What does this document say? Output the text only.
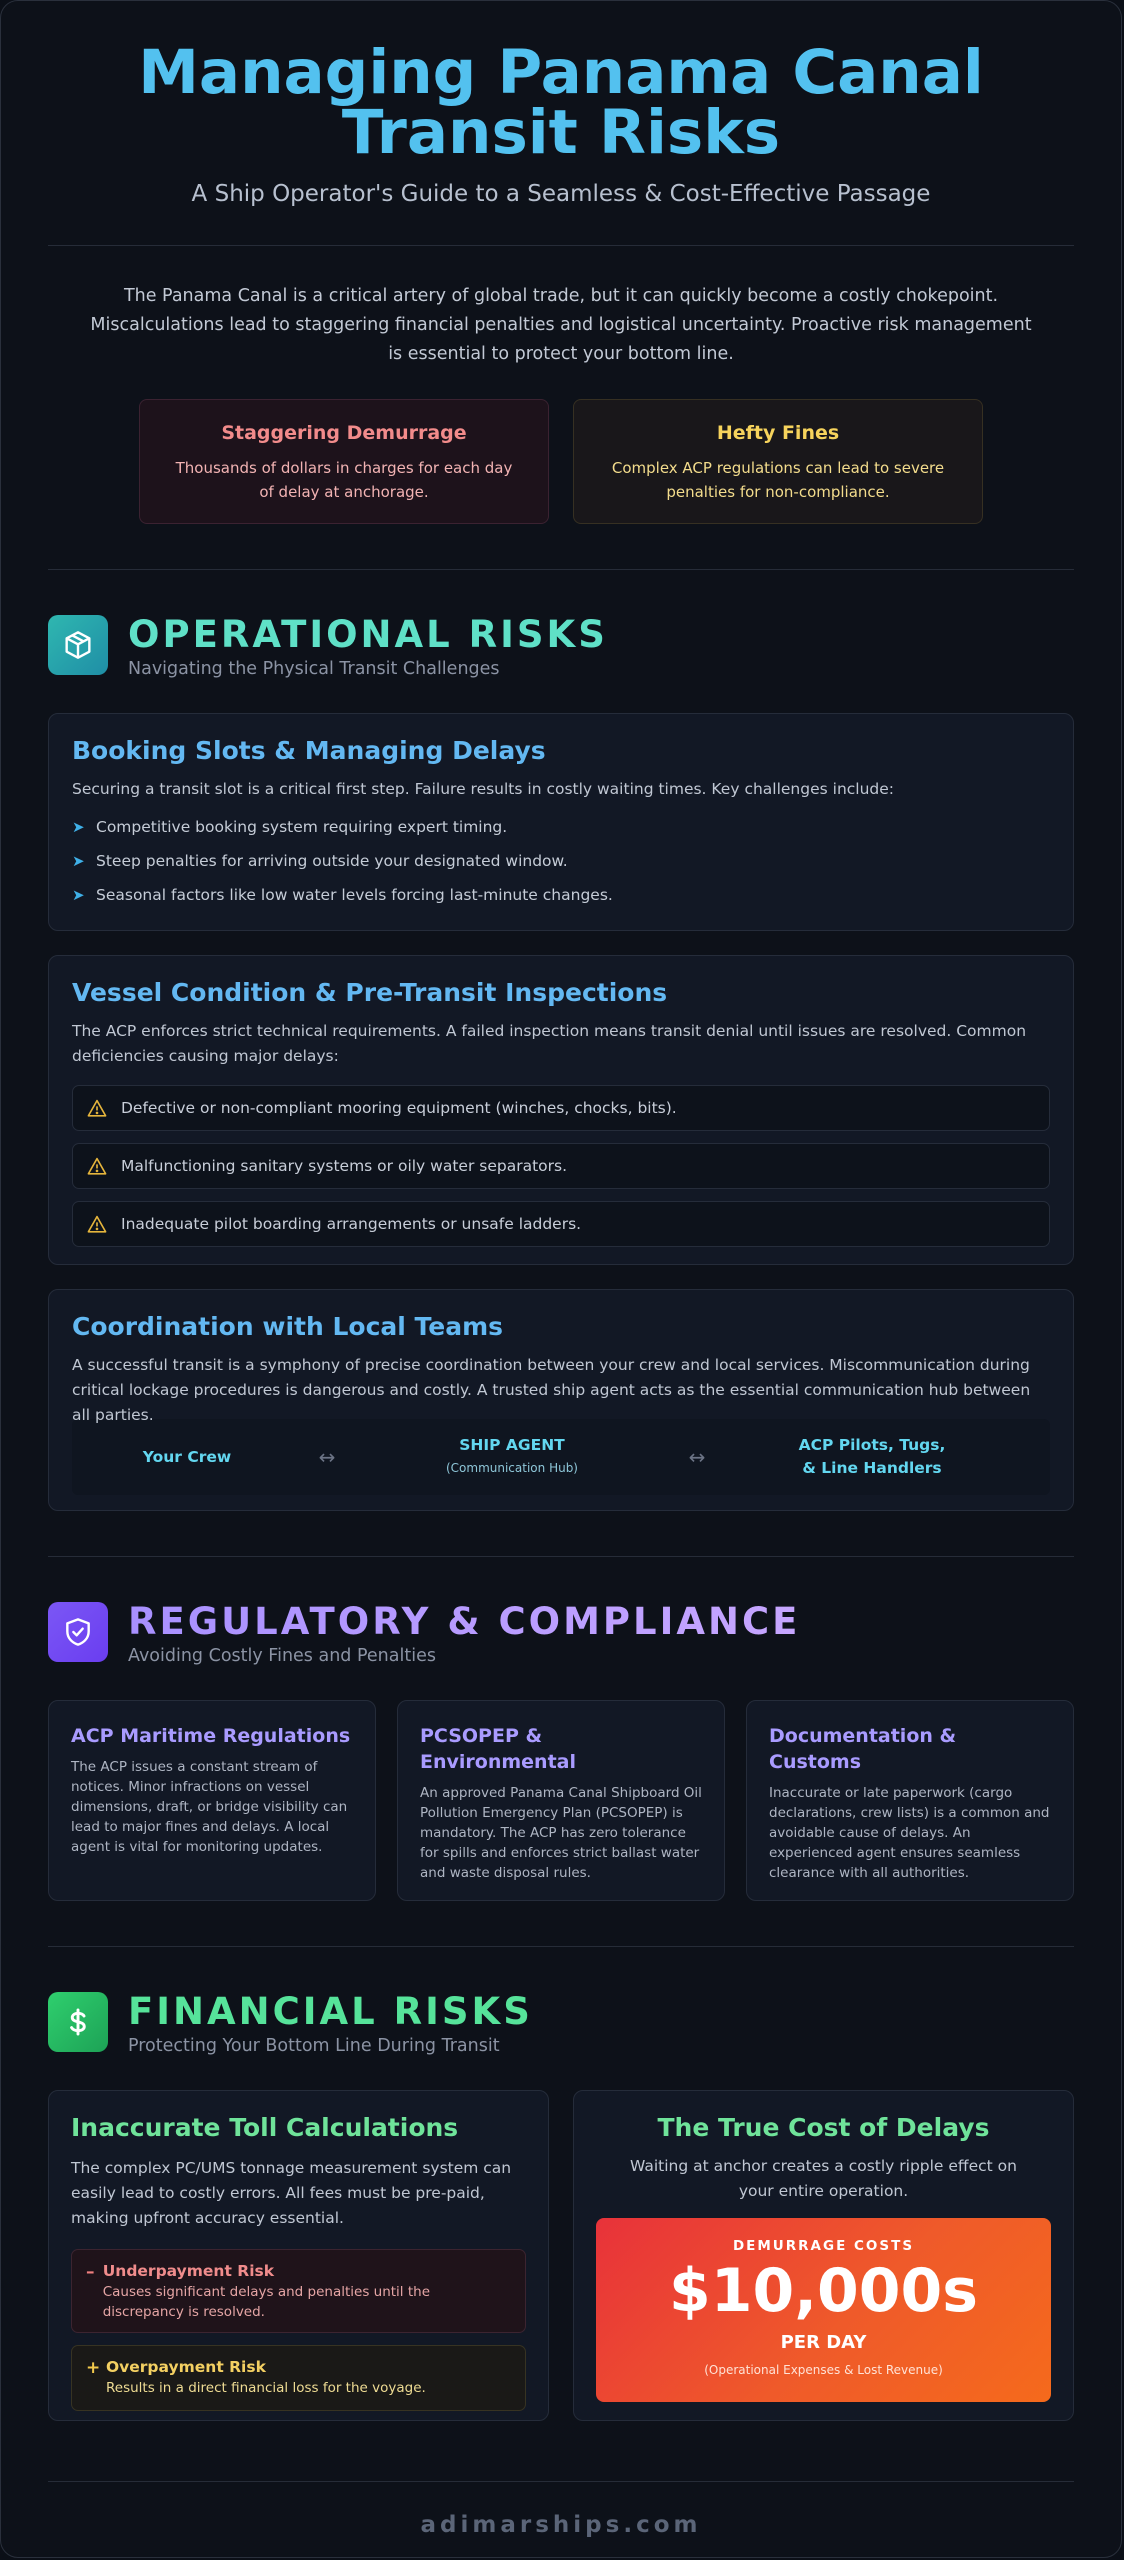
Managing Panama Canal Transit Risks
A Ship Operator's Guide to a Seamless & Cost-Effective Passage
The Panama Canal is a critical artery of global trade, but it can quickly become a costly chokepoint. Miscalculations lead to staggering financial penalties and logistical uncertainty. Proactive risk management is essential to protect your bottom line.
Staggering Demurrage

Thousands of dollars in charges for each day of delay at anchorage.

Hefty Fines

Complex ACP regulations can lead to severe penalties for non-compliance.

OPERATIONAL RISKS
Navigating the Physical Transit Challenges
Booking Slots & Managing Delays
Securing a transit slot is a critical first step. Failure results in costly waiting times. Key challenges include:
➤ Competitive booking system requiring expert timing.
➤ Steep penalties for arriving outside your designated window.
➤ Seasonal factors like low water levels forcing last-minute changes.
Vessel Condition & Pre-Transit Inspections
The ACP enforces strict technical requirements. A failed inspection means transit denial until issues are resolved. Common deficiencies causing major delays:
Defective or non-compliant mooring equipment (winches, chocks, bits).
Malfunctioning sanitary systems or oily water separators.
Inadequate pilot boarding arrangements or unsafe ladders.
Coordination with Local Teams
A successful transit is a symphony of precise coordination between your crew and local services. Miscommunication during critical lockage procedures is dangerous and costly. A trusted ship agent acts as the essential communication hub between all parties.
Your Crew	↔	SHIP AGENT
(Communication Hub)	↔	ACP Pilots, Tugs,
& Line Handlers
REGULATORY & COMPLIANCE
Avoiding Costly Fines and Penalties
ACP Maritime Regulations

The ACP issues a constant stream of notices. Minor infractions on vessel dimensions, draft, or bridge visibility can lead to major fines and delays. A local agent is vital for monitoring updates.

PCSOPEP & Environmental

An approved Panama Canal Shipboard Oil Pollution Emergency Plan (PCSOPEP) is mandatory. The ACP has zero tolerance for spills and enforces strict ballast water and waste disposal rules.

Documentation & Customs

Inaccurate or late paperwork (cargo declarations, crew lists) is a common and avoidable cause of delays. An experienced agent ensures seamless clearance with all authorities.

FINANCIAL RISKS
Protecting Your Bottom Line During Transit
Inaccurate Toll Calculations
The complex PC/UMS tonnage measurement system can easily lead to costly errors. All fees must be pre-paid, making upfront accuracy essential.
– Underpayment Risk
Causes significant delays and penalties until the discrepancy is resolved.
+ Overpayment Risk
Results in a direct financial loss for the voyage.
The True Cost of Delays
Waiting at anchor creates a costly ripple effect on your entire operation.
DEMURRAGE COSTS
$10,000s
PER DAY
(Operational Expenses & Lost Revenue)
adimarships.com
